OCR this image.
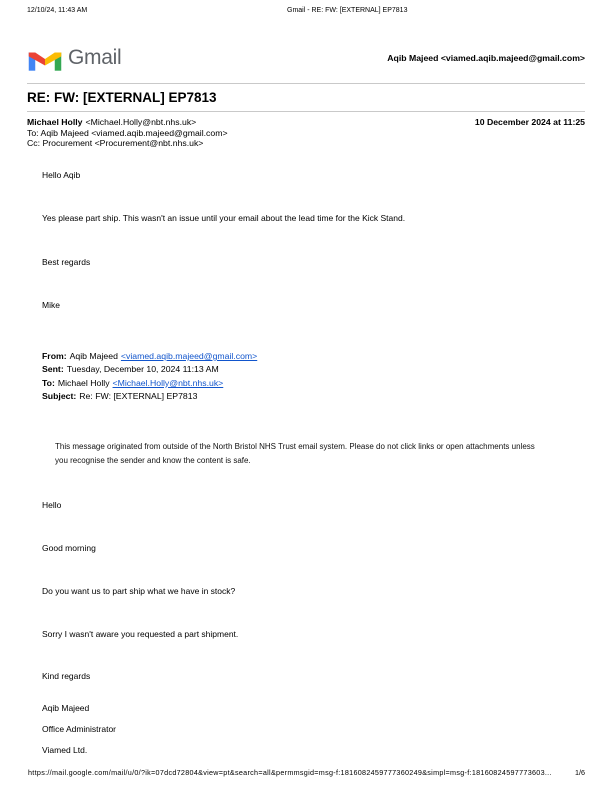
12/10/24, 11:43 AM	Gmail - RE: FW: [EXTERNAL] EP7813
Gmail	Aqib Majeed <viamed.aqib.majeed@gmail.com>
RE: FW: [EXTERNAL] EP7813
Michael Holly <Michael.Holly@nbt.nhs.uk>	10 December 2024 at 11:25
To: Aqib Majeed <viamed.aqib.majeed@gmail.com>
Cc: Procurement <Procurement@nbt.nhs.uk>
Hello Aqib
Yes please part ship. This wasn't an issue until your email about the lead time for the Kick Stand.
Best regards
Mike
From: Aqib Majeed <viamed.aqib.majeed@gmail.com>
Sent: Tuesday, December 10, 2024 11:13 AM
To: Michael Holly <Michael.Holly@nbt.nhs.uk>
Subject: Re: FW: [EXTERNAL] EP7813
This message originated from outside of the North Bristol NHS Trust email system. Please do not click links or open attachments unless you recognise the sender and know the content is safe.
Hello
Good morning
Do you want us to part ship what we have in stock?
Sorry I wasn't aware you requested a part shipment.
Kind regards
Aqib Majeed
Office Administrator
Viamed Ltd.
https://mail.google.com/mail/u/0/?ik=07dcd72804&view=pt&search=all&permmsgid=msg-f:1816082459777360249&simpl=msg-f:18160824597773603...	1/6
